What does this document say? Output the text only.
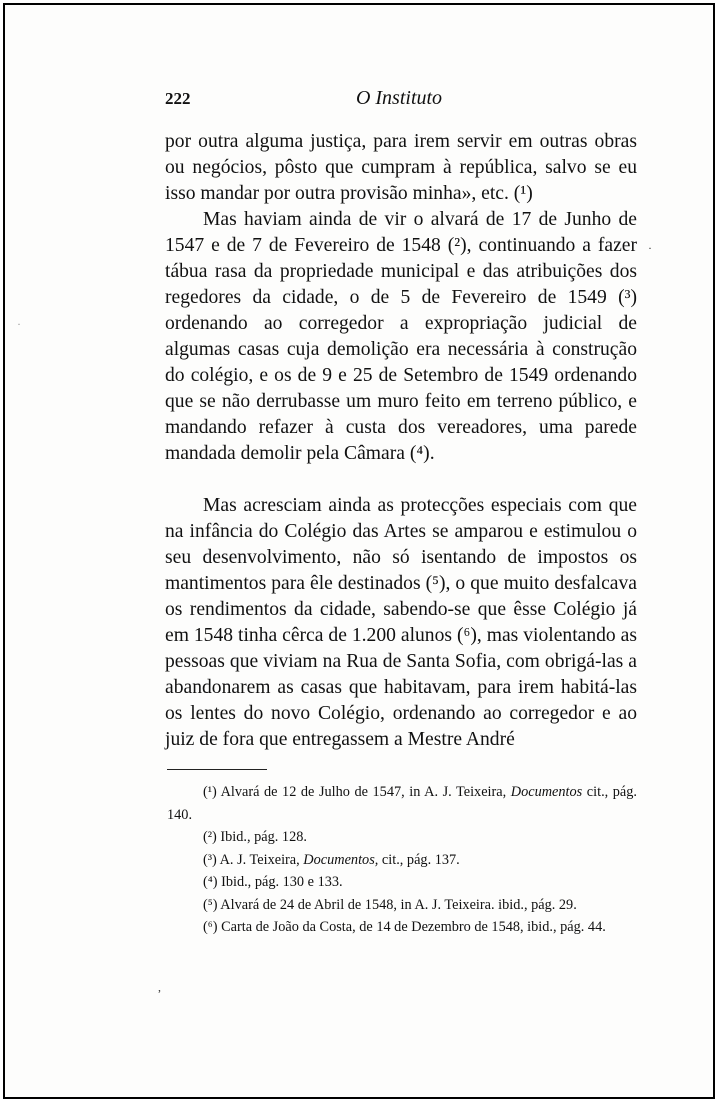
222	O Instituto

por outra alguma justiça, para irem servir em outras obras ou negócios, pôsto que cumpram à república, salvo se eu isso mandar por outra provisão minha», etc. (¹)

Mas haviam ainda de vir o alvará de 17 de Junho de 1547 e de 7 de Fevereiro de 1548 (²), continuando a fazer tábua rasa da propriedade municipal e das atribuições dos regedores da cidade, o de 5 de Fevereiro de 1549 (³) ordenando ao corregedor a expropriação judicial de algumas casas cuja demolição era necessária à construção do colégio, e os de 9 e 25 de Setembro de 1549 ordenando que se não derrubasse um muro feito em terreno público, e mandando refazer à custa dos vereadores, uma parede mandada demolir pela Câmara (⁴).

Mas acresciam ainda as protecções especiais com que na infância do Colégio das Artes se amparou e estimulou o seu desenvolvimento, não só isentando de impostos os mantimentos para êle destinados (⁵), o que muito desfalcava os rendimentos da cidade, sabendo-se que êsse Colégio já em 1548 tinha cêrca de 1.200 alunos (⁶), mas violentando as pessoas que viviam na Rua de Santa Sofia, com obrigá-las a abandonarem as casas que habitavam, para irem habitá-las os lentes do novo Colégio, ordenando ao corregedor e ao juiz de fora que entregassem a Mestre André

(¹) Alvará de 12 de Julho de 1547, in A. J. Teixeira, Documentos cit., pág. 140.

(²) Ibid., pág. 128.

(³) A. J. Teixeira, Documentos, cit., pág. 137.

(⁴) Ibid., pág. 130 e 133.

(⁵) Alvará de 24 de Abril de 1548, in A. J. Teixeira. ibid., pág. 29.

(⁶) Carta de João da Costa, de 14 de Dezembro de 1548, ibid., pág. 44.

·
·
,
